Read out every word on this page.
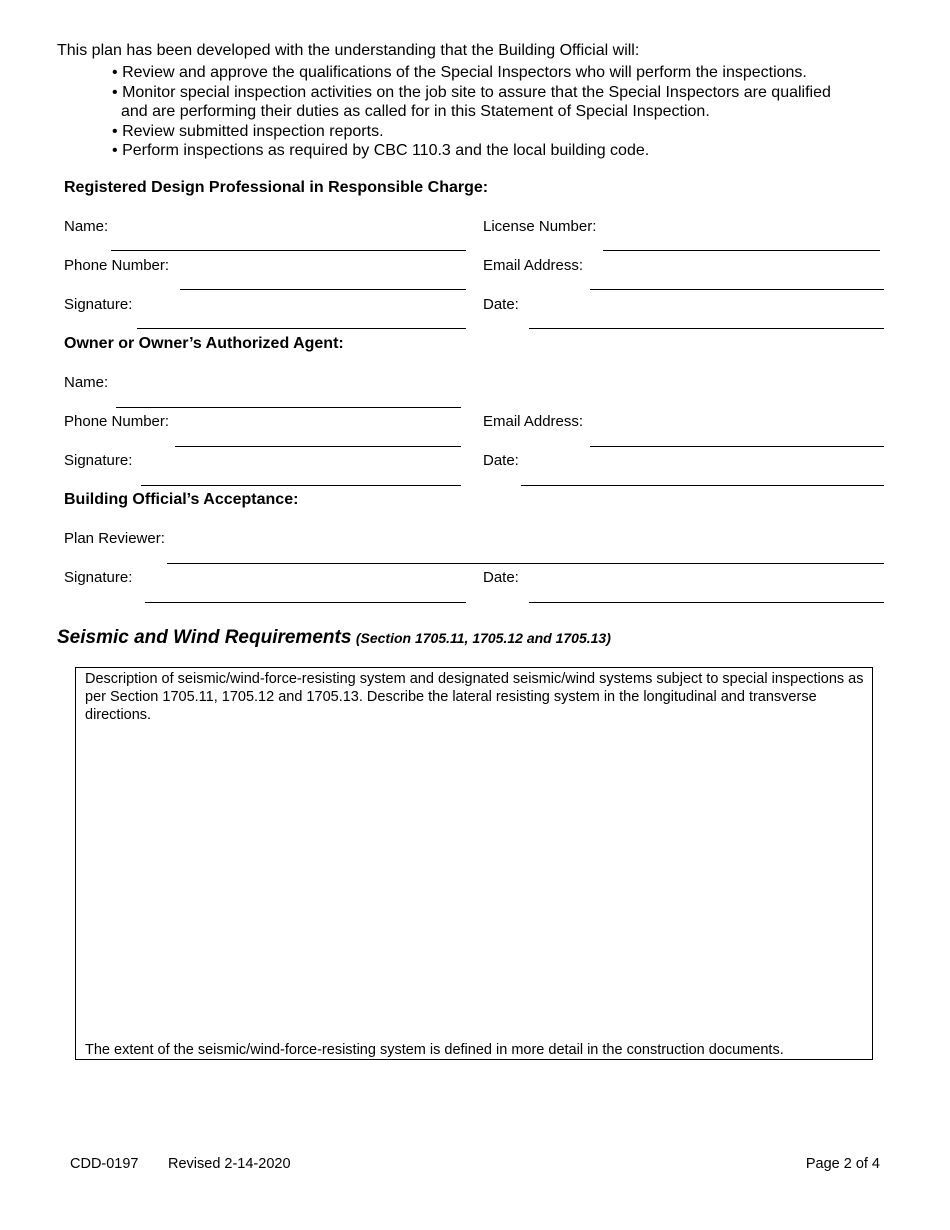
This plan has been developed with the understanding that the Building Official will:
• Review and approve the qualifications of the Special Inspectors who will perform the inspections.
• Monitor special inspection activities on the job site to assure that the Special Inspectors are qualified
and are performing their duties as called for in this Statement of Special Inspection.
• Review submitted inspection reports.
• Perform inspections as required by CBC 110.3 and the local building code.
Registered Design Professional in Responsible Charge:
Name:	License Number:
Phone Number:	Email Address:
Signature:	Date:
Owner or Owner’s Authorized Agent:
Name:
Phone Number:	Email Address:
Signature:	Date:
Building Official’s Acceptance:
Plan Reviewer:
Signature:	Date:
Seismic and Wind Requirements (Section 1705.11, 1705.12 and 1705.13)
Description of seismic/wind-force-resisting system and designated seismic/wind systems subject to special inspections as per Section 1705.11, 1705.12 and 1705.13. Describe the lateral resisting system in the longitudinal and transverse directions.
The extent of the seismic/wind-force-resisting system is defined in more detail in the construction documents.
CDD-0197 Revised 2-14-2020	Page 2 of 4
